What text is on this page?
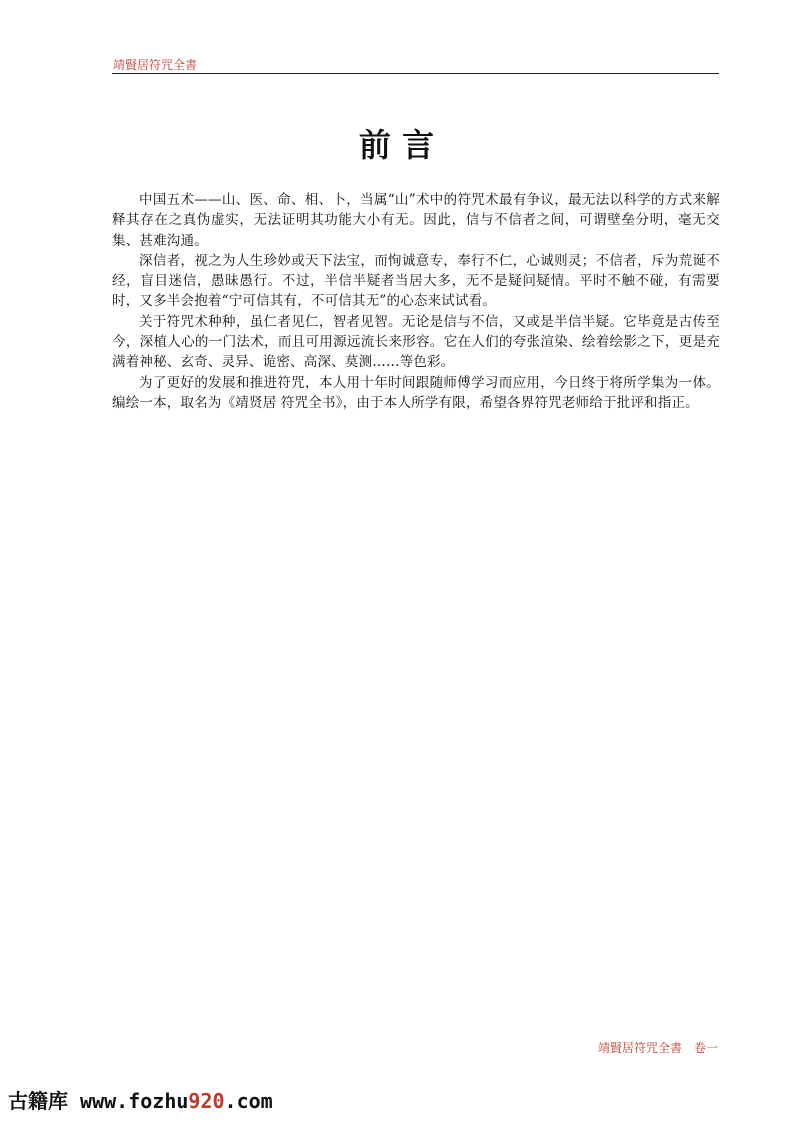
靖賢居符咒全書
前 言

中国五术——山、医、命、相、卜，当属“山”术中的符咒术最有争议，最无法以科学的方式来解释其存在之真伪虚实，无法证明其功能大小有无。因此，信与不信者之间，可谓壁垒分明，毫无交集、甚难沟通。

深信者，视之为人生珍妙或天下法宝，而恂诚意专，奉行不仁，心诚则灵；不信者，斥为荒诞不经，盲目迷信，愚昧愚行。不过，半信半疑者当居大多，无不是疑问疑情。平时不触不碰，有需要时，又多半会抱着“宁可信其有，不可信其无”的心态来试试看。

关于符咒术种种，虽仁者见仁，智者见智。无论是信与不信，又或是半信半疑。它毕竟是古传至今，深植人心的一门法术，而且可用源远流长来形容。它在人们的夸张渲染、绘着绘影之下，更是充满着神秘、玄奇、灵异、诡密、高深、莫测……等色彩。

为了更好的发展和推进符咒，本人用十年时间跟随师傅学习而应用，今日终于将所学集为一体。编绘一本，取名为《靖贤居 符咒全书》，由于本人所学有限，希望各界符咒老师给于批评和指正。

靖賢居符咒全書　卷一
古籍库 www.fozhu920.com
